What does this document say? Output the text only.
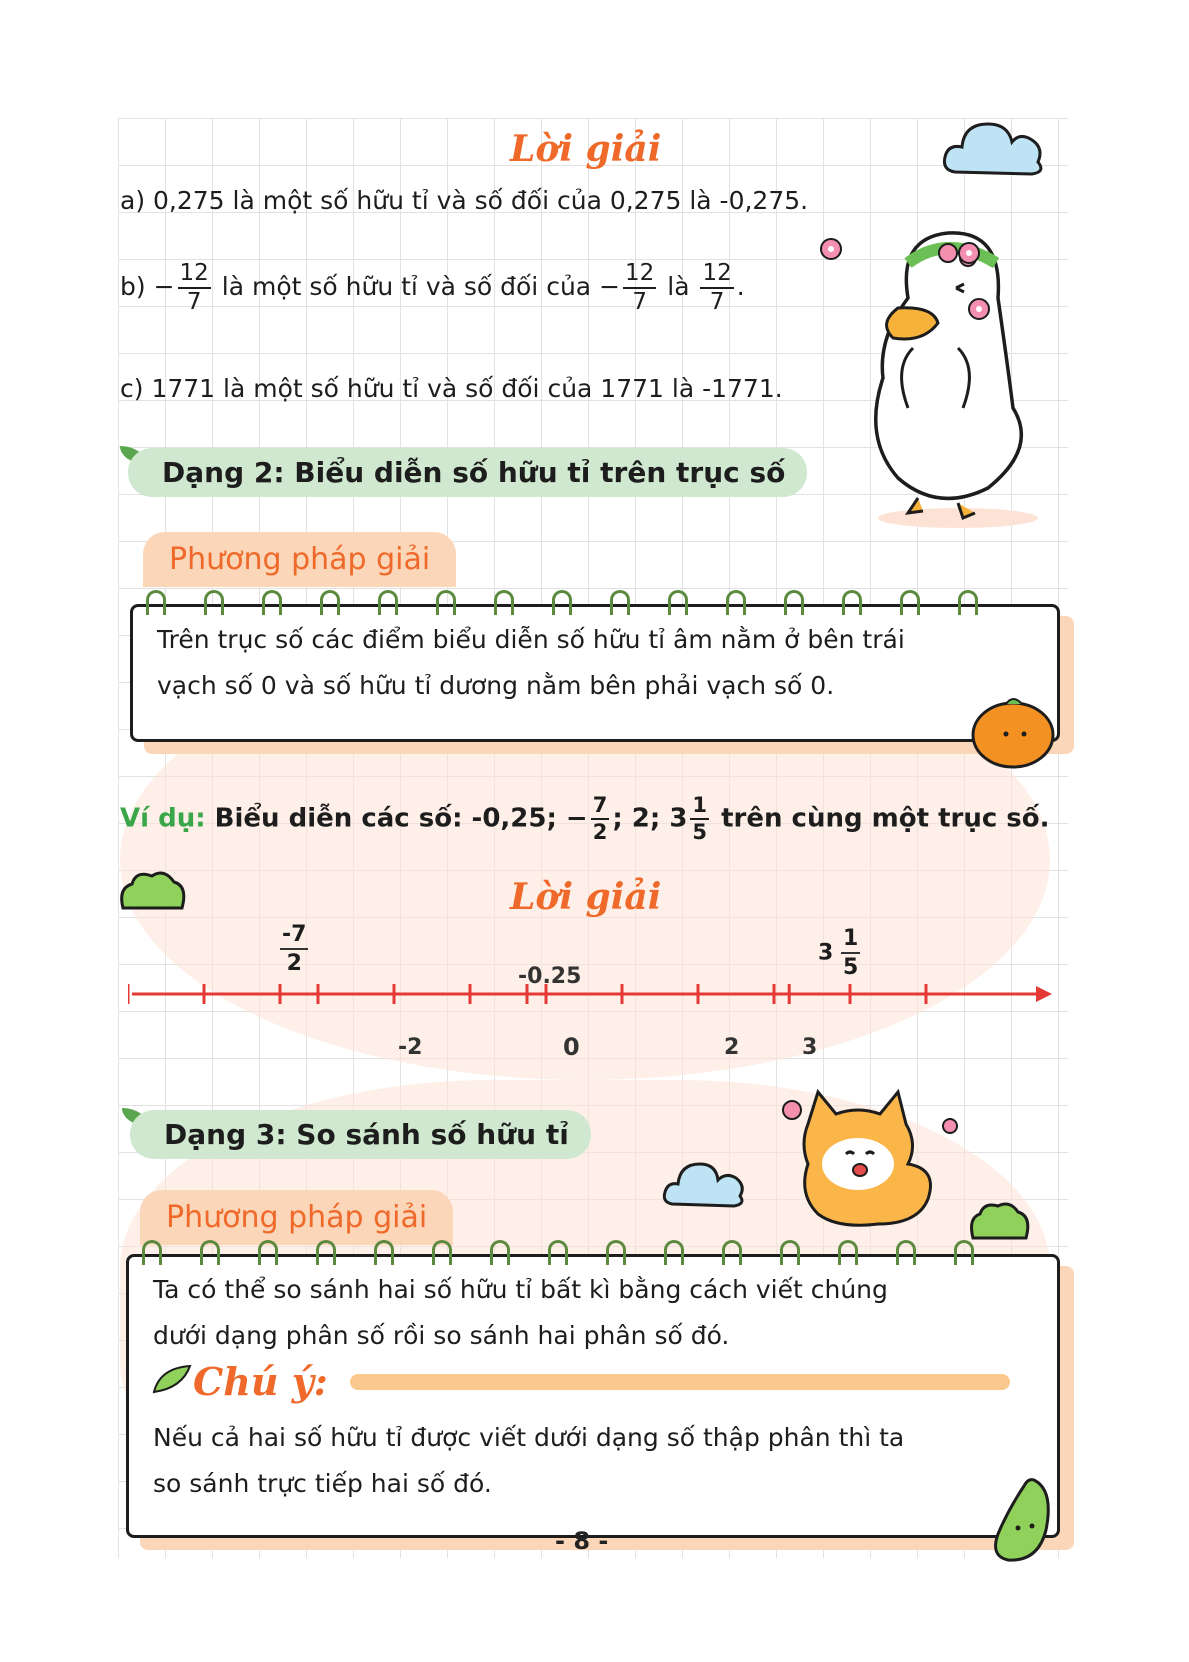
Lời giải
a) 0,275 là một số hữu tỉ và số đối của 0,275 là -0,275.
$b) - \frac{12}{7}$ là một số hữu tỉ và số đối của − $\frac{12}{7}$ là $\frac{12}{7}$ .
c) 1771 là một số hữu tỉ và số đối của 1771 là -1771.
Dạng 2: Biểu diễn số hữu tỉ trên trục số
Phương pháp giải
Trên trục số các điểm biểu diễn số hữu tỉ âm nằm ở bên trái
vạch số 0 và số hữu tỉ dương nằm bên phải vạch số 0.
Ví dụ: Biểu diễn các số: -0,25; − $\frac{7}{2}$ ; 2; $3 \frac{1}{5}$ trên cùng một trục số.
Lời giải
-7
2
-0.25
$3 \frac{1}{5}$
-2	0	2	3
Dạng 3: So sánh số hữu tỉ
Phương pháp giải
Ta có thể so sánh hai số hữu tỉ bất kì bằng cách viết chúng
dưới dạng phân số rồi so sánh hai phân số đó.
Chú ý:
Nếu cả hai số hữu tỉ được viết dưới dạng số thập phân thì ta
so sánh trực tiếp hai số đó.
- 8 -
